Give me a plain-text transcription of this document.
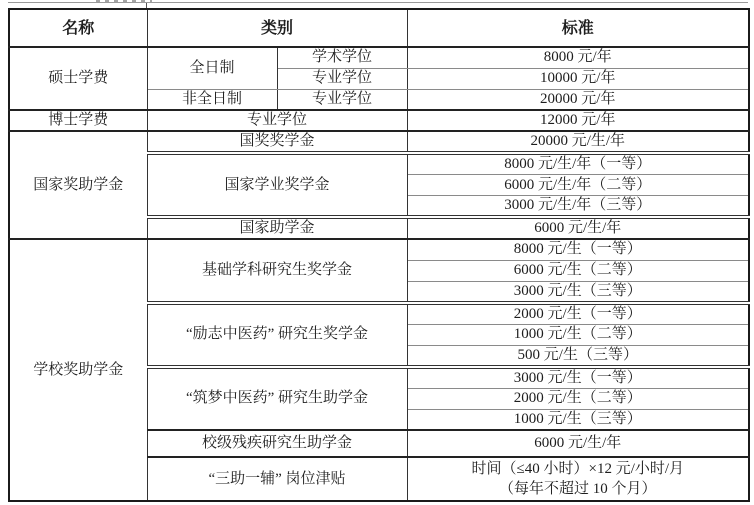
名称	类别		标准
硕士学费	全日制	学术学位	8000 元/年
		专业学位	10000 元/年
	非全日制	专业学位	20000 元/年
博士学费	专业学位		12000 元/年
国家奖助学金	国奖奖学金		20000 元/生/年
	国家学业奖学金		8000 元/生/年（一等）
			6000 元/生/年（二等）
			3000 元/生/年（三等）
	国家助学金		6000 元/生/年
学校奖助学金	基础学科研究生奖学金		8000 元/生（一等）
			6000 元/生（二等）
			3000 元/生（三等）
	“励志中医药” 研究生奖学金		2000 元/生（一等）
			1000 元/生（二等）
			500 元/生（三等）
	“筑梦中医药” 研究生助学金		3000 元/生（一等）
			2000 元/生（二等）
			1000 元/生（三等）
	校级残疾研究生助学金		6000 元/生/年
	“三助一辅” 岗位津贴		时间（≤40 小时）×12 元/小时/月
（每年不超过 10 个月）
